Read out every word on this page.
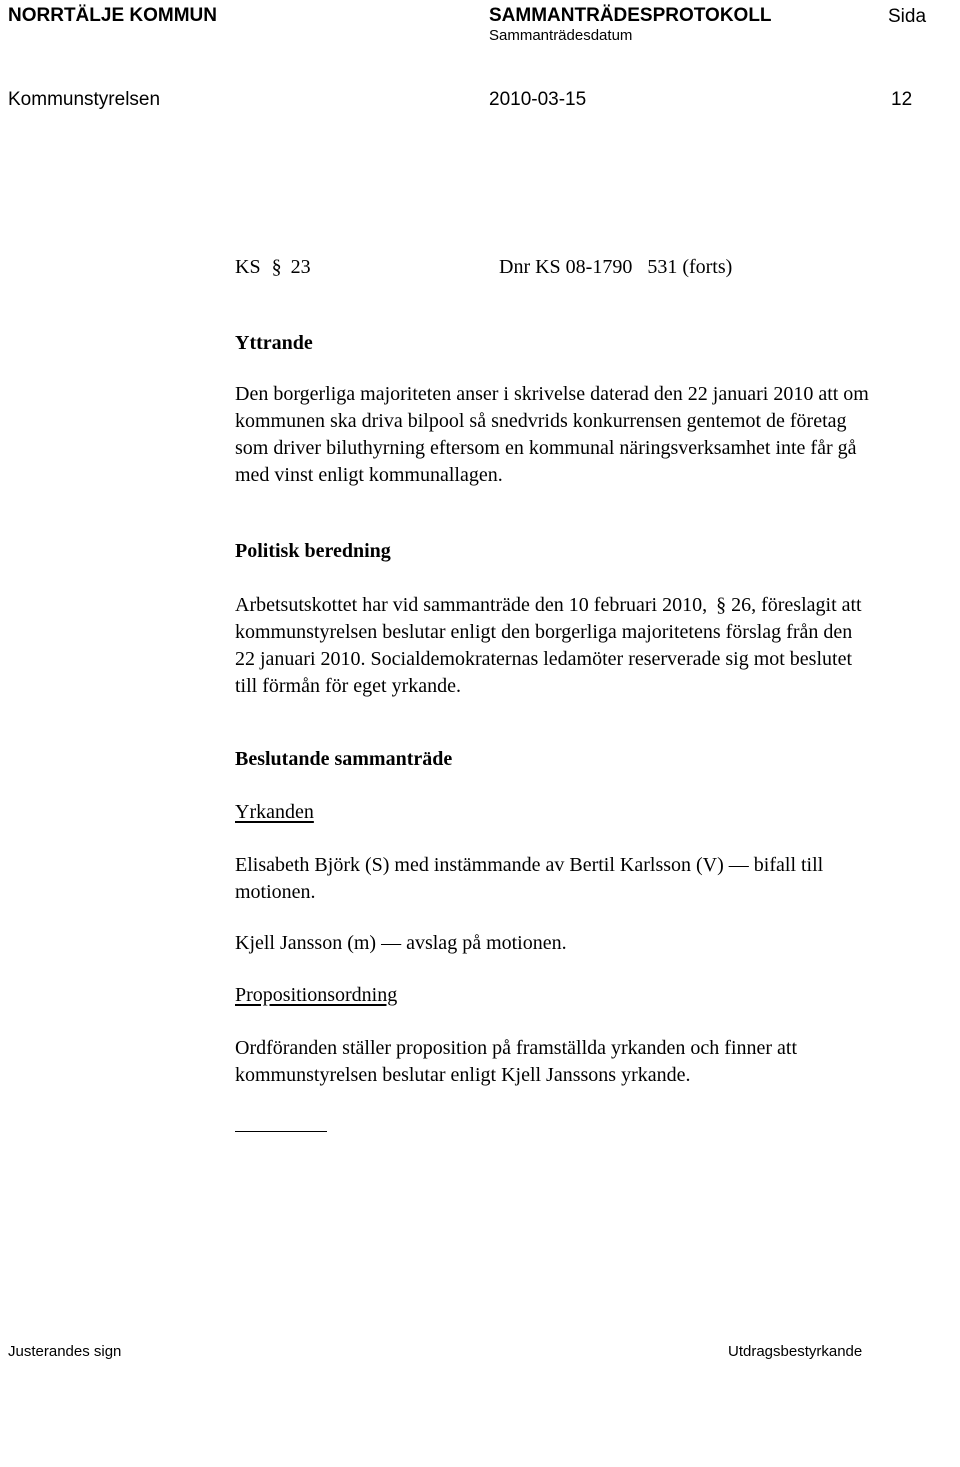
NORRTÄLJE KOMMUN	SAMMANTRÄDESPROTOKOLL	Sida
Sammanträdesdatum
Kommunstyrelsen	2010-03-15	12
KS § 23	Dnr KS 08-1790   531 (forts)
Yttrande
Den borgerliga majoriteten anser i skrivelse daterad den 22 januari 2010 att om
kommunen ska driva bilpool så snedvrids konkurrensen gentemot de företag
som driver biluthyrning eftersom en kommunal näringsverksamhet inte får gå
med vinst enligt kommunallagen.
Politisk beredning
Arbetsutskottet har vid sammanträde den 10 februari 2010, § 26, föreslagit att
kommunstyrelsen beslutar enligt den borgerliga majoritetens förslag från den
22 januari 2010. Socialdemokraternas ledamöter reserverade sig mot beslutet
till förmån för eget yrkande.
Beslutande sammanträde
Yrkanden
Elisabeth Björk (S) med instämmande av Bertil Karlsson (V) — bifall till
motionen.
Kjell Jansson (m) — avslag på motionen.
Propositionsordning
Ordföranden ställer proposition på framställda yrkanden och finner att
kommunstyrelsen beslutar enligt Kjell Janssons yrkande.
Justerandes sign	Utdragsbestyrkande
